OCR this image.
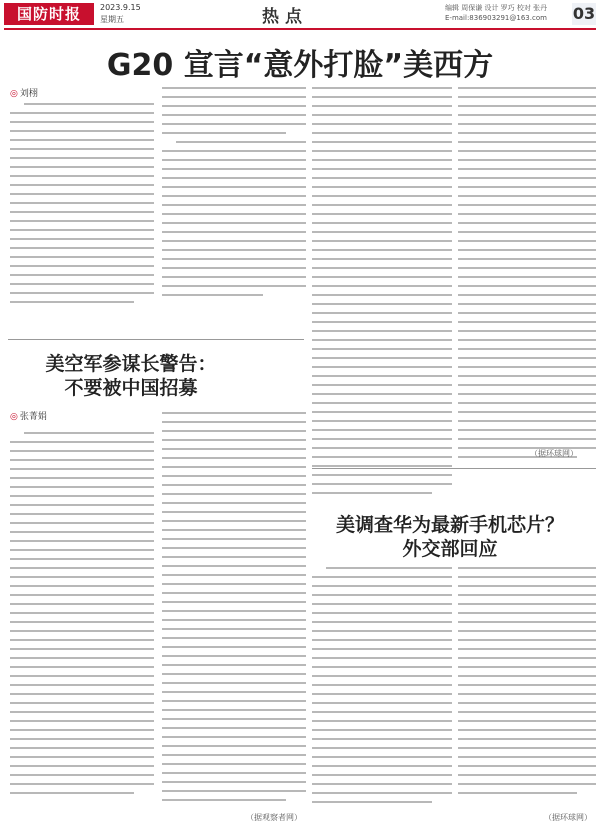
国防时报	2023.9.15
星期五	热点	编辑 周保谦 设计 罗巧 校对 张丹
E-mail:836903291@163.com 03
G20 宣言“意外打脸”美西方
◎ 刘栩
（据环球网）
美空军参谋长警告：
不要被中国招募
◎ 张菁娟
（据观察者网）
美调查华为最新手机芯片？
外交部回应
（据环球网）
